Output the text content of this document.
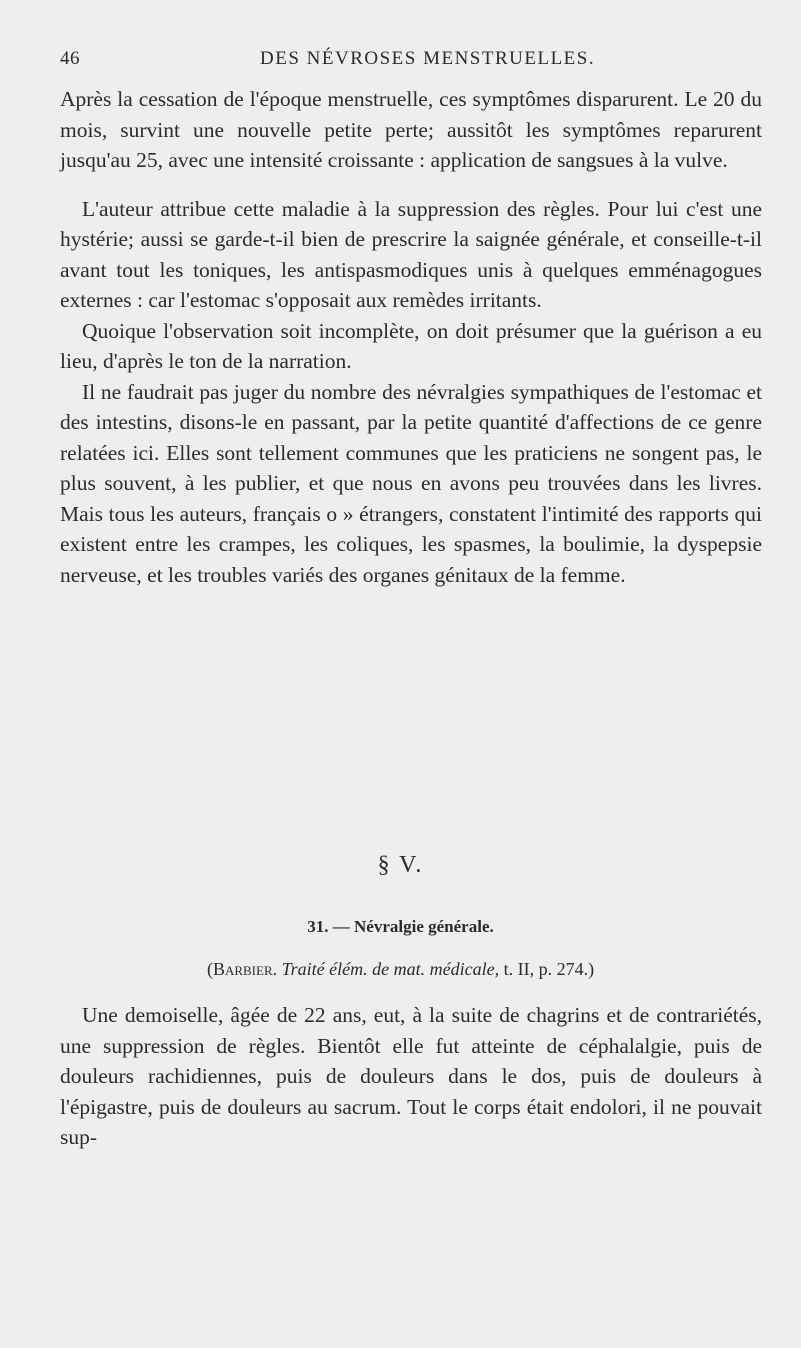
46	DES NÉVROSES MENSTRUELLES.

Après la cessation de l'époque menstruelle, ces symptômes disparurent. Le 20 du mois, survint une nouvelle petite perte; aussitôt les symptômes reparurent jusqu'au 25, avec une intensité croissante : application de sangsues à la vulve.

L'auteur attribue cette maladie à la suppression des règles. Pour lui c'est une hystérie; aussi se garde-t-il bien de prescrire la saignée générale, et conseille-t-il avant tout les toniques, les antispasmodiques unis à quelques emménagogues externes : car l'estomac s'opposait aux remèdes irritants.

Quoique l'observation soit incomplète, on doit présumer que la guérison a eu lieu, d'après le ton de la narration.

Il ne faudrait pas juger du nombre des névralgies sympathiques de l'estomac et des intestins, disons-le en passant, par la petite quantité d'affections de ce genre relatées ici. Elles sont tellement communes que les praticiens ne songent pas, le plus souvent, à les publier, et que nous en avons peu trouvées dans les livres. Mais tous les auteurs, français o » étrangers, constatent l'intimité des rapports qui existent entre les crampes, les coliques, les spasmes, la boulimie, la dyspepsie nerveuse, et les troubles variés des organes génitaux de la femme.

§ V.
31. — Névralgie générale.
(Barbier. Traité élém. de mat. médicale, t. II, p. 274.)

Une demoiselle, âgée de 22 ans, eut, à la suite de chagrins et de contrariétés, une suppression de règles. Bientôt elle fut atteinte de céphalalgie, puis de douleurs rachidiennes, puis de douleurs dans le dos, puis de douleurs à l'épigastre, puis de douleurs au sacrum. Tout le corps était endolori, il ne pouvait sup-
